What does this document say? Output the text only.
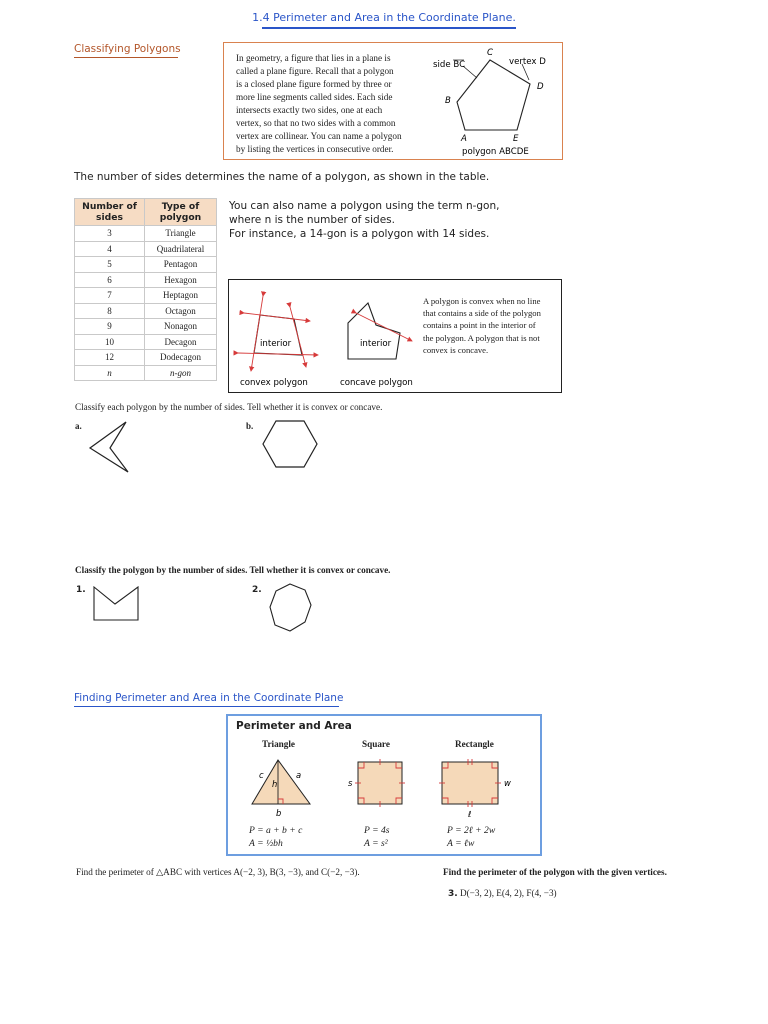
1.4 Perimeter and Area in the Coordinate Plane.
Classifying Polygons
In geometry, a figure that lies in a plane is
called a plane figure. Recall that a polygon
is a closed plane figure formed by three or
more line segments called sides. Each side
intersects exactly two sides, one at each
vertex, so that no two sides with a common
vertex are collinear. You can name a polygon
by listing the vertices in consecutive order.
side BC	vertex D
C
D
B
A	E
polygon ABCDE
The number of sides determines the name of a polygon, as shown in the table.
Number of sides	Type of polygon
3	Triangle
4	Quadrilateral
5	Pentagon
6	Hexagon
7	Heptagon
8	Octagon
9	Nonagon
10	Decagon
12	Dodecagon
n	n-gon
You can also name a polygon using the term n-gon,
where n is the number of sides.
For instance, a 14-gon is a polygon with 14 sides.
interior
convex polygon
interior
concave polygon
A polygon is convex when no line
that contains a side of the polygon
contains a point in the interior of
the polygon. A polygon that is not
convex is concave.
Classify each polygon by the number of sides. Tell whether it is convex or concave.
a.	b.
Classify the polygon by the number of sides. Tell whether it is convex or concave.
1.	2.
Finding Perimeter and Area in the Coordinate Plane
Perimeter and Area
Triangle	Square	Rectangle
c	a
h
b
s	w
ℓ
P = a + b + c
A = ½bh
P = 4s
A = s²
P = 2ℓ + 2w
A = ℓw
Find the perimeter of △ABC with vertices A(−2, 3), B(3, −3), and C(−2, −3).	Find the perimeter of the polygon with the given vertices.
3. D(−3, 2), E(4, 2), F(4, −3)
